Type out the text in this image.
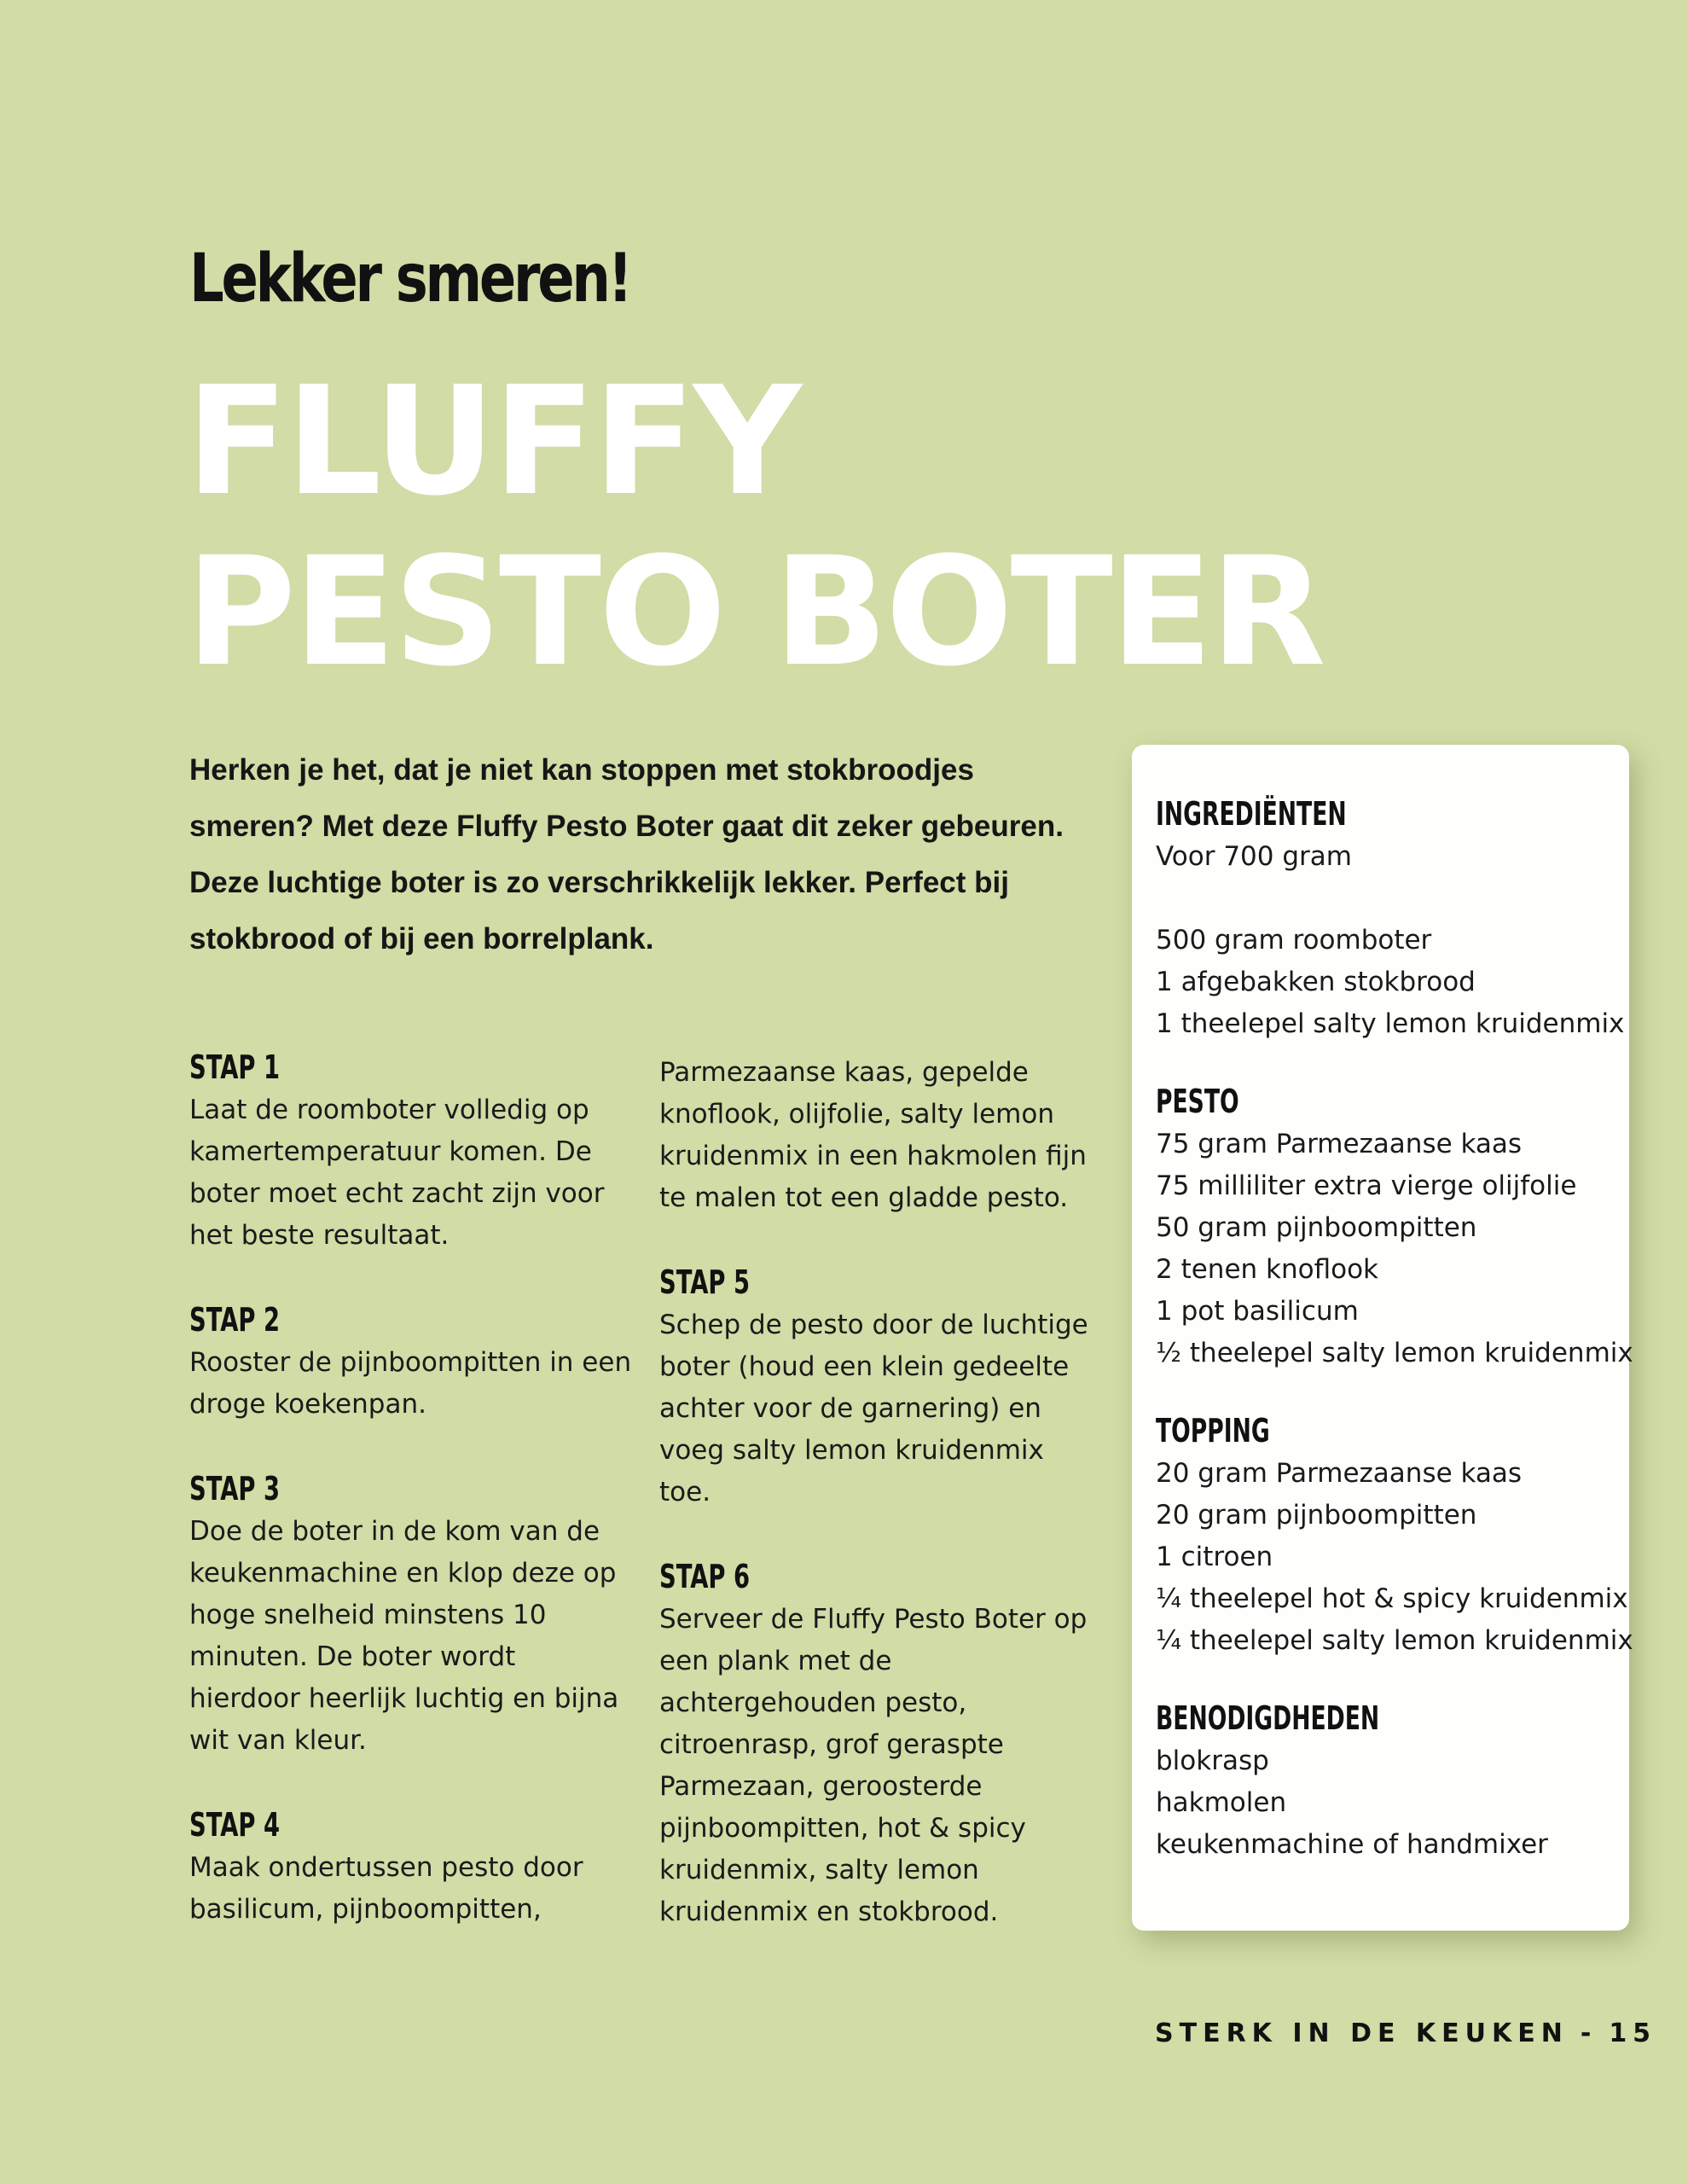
Lekker smeren!
FLUFFY
PESTO BOTER

Herken je het, dat je niet kan stoppen met stokbroodjes smeren? Met deze Fluffy Pesto Boter gaat dit zeker gebeuren. Deze luchtige boter is zo verschrikkelijk lekker. Perfect bij stokbrood of bij een borrelplank.

STAP 1
Laat de roomboter volledig op kamertemperatuur komen. De boter moet echt zacht zijn voor het beste resultaat.
STAP 2
Rooster de pijnboompitten in een droge koekenpan.
STAP 3
Doe de boter in de kom van de keukenmachine en klop deze op hoge snelheid minstens 10 minuten. De boter wordt hierdoor heerlijk luchtig en bijna wit van kleur.
STAP 4
Maak ondertussen pesto door basilicum, pijnboompitten,
Parmezaanse kaas, gepelde knoflook, olijfolie, salty lemon kruidenmix in een hakmolen fijn te malen tot een gladde pesto.
STAP 5
Schep de pesto door de luchtige boter (houd een klein gedeelte achter voor de garnering) en voeg salty lemon kruidenmix toe.
STAP 6
Serveer de Fluffy Pesto Boter op een plank met de achtergehouden pesto, citroenrasp, grof geraspte Parmezaan, geroosterde pijnboompitten, hot & spicy kruidenmix, salty lemon kruidenmix en stokbrood.
INGREDIËNTEN
Voor 700 gram
500 gram roomboter
1 afgebakken stokbrood
1 theelepel salty lemon kruidenmix
PESTO
75 gram Parmezaanse kaas
75 milliliter extra vierge olijfolie
50 gram pijnboompitten
2 tenen knoflook
1 pot basilicum
½ theelepel salty lemon kruidenmix
TOPPING
20 gram Parmezaanse kaas
20 gram pijnboompitten
1 citroen
¼ theelepel hot & spicy kruidenmix
¼ theelepel salty lemon kruidenmix
BENODIGDHEDEN
blokrasp
hakmolen
keukenmachine of handmixer
STERK IN DE KEUKEN - 15
